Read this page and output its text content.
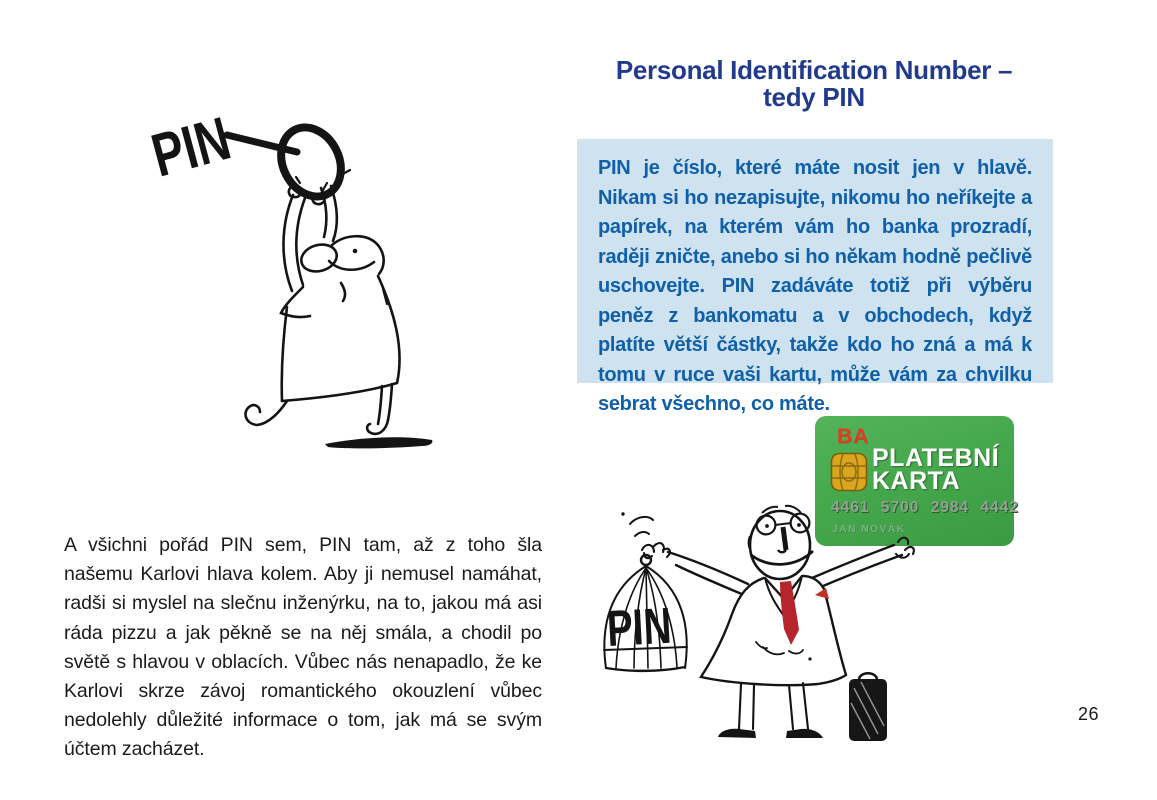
PIN
Personal Identification Number –
tedy PIN
PIN je číslo, které máte nosit jen v hlavě. Nikam si ho nezapisujte, nikomu ho neříkejte a papírek, na kterém vám ho banka prozradí, raději zničte, anebo si ho někam hodně pečlivě uschovejte. PIN zadáváte totiž při výběru peněz z bankomatu a v obchodech, když platíte větší částky, takže kdo ho zná a má k tomu v ruce vaši kartu, může vám za chvilku sebrat všechno, co máte.
BA
PLATEBNÍ
KARTA
4461 5700 2984 4442
JAN NOVÁK
PIN
A všichni pořád PIN sem, PIN tam, až z toho šla našemu Karlovi hlava kolem. Aby ji nemusel namáhat, radši si myslel na slečnu inženýrku, na to, jakou má asi ráda pizzu a jak pěkně se na něj smála, a chodil po světě s hlavou v oblacích. Vůbec nás nenapadlo, že ke Karlovi skrze závoj romantického okouzlení vůbec nedolehly důležité informace o tom, jak má se svým účtem zacházet.
26
